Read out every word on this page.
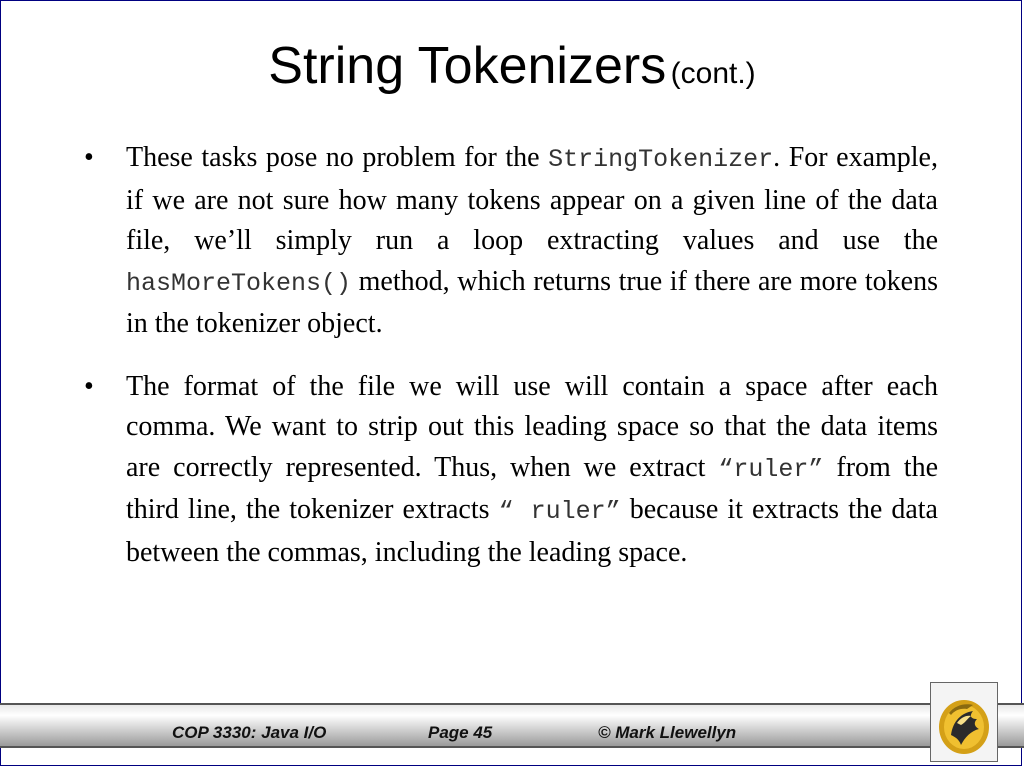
String Tokenizers (cont.)
• These tasks pose no problem for the StringTokenizer. For example, if we are not sure how many tokens appear on a given line of the data file, we’ll simply run a loop extracting values and use the hasMoreTokens() method, which returns true if there are more tokens in the tokenizer object.
• The format of the file we will use will contain a space after each comma. We want to strip out this leading space so that the data items are correctly represented. Thus, when we extract “ruler” from the third line, the tokenizer extracts “ ruler” because it extracts the data between the commas, including the leading space.
COP 3330: Java I/O	Page 45	© Mark Llewellyn
